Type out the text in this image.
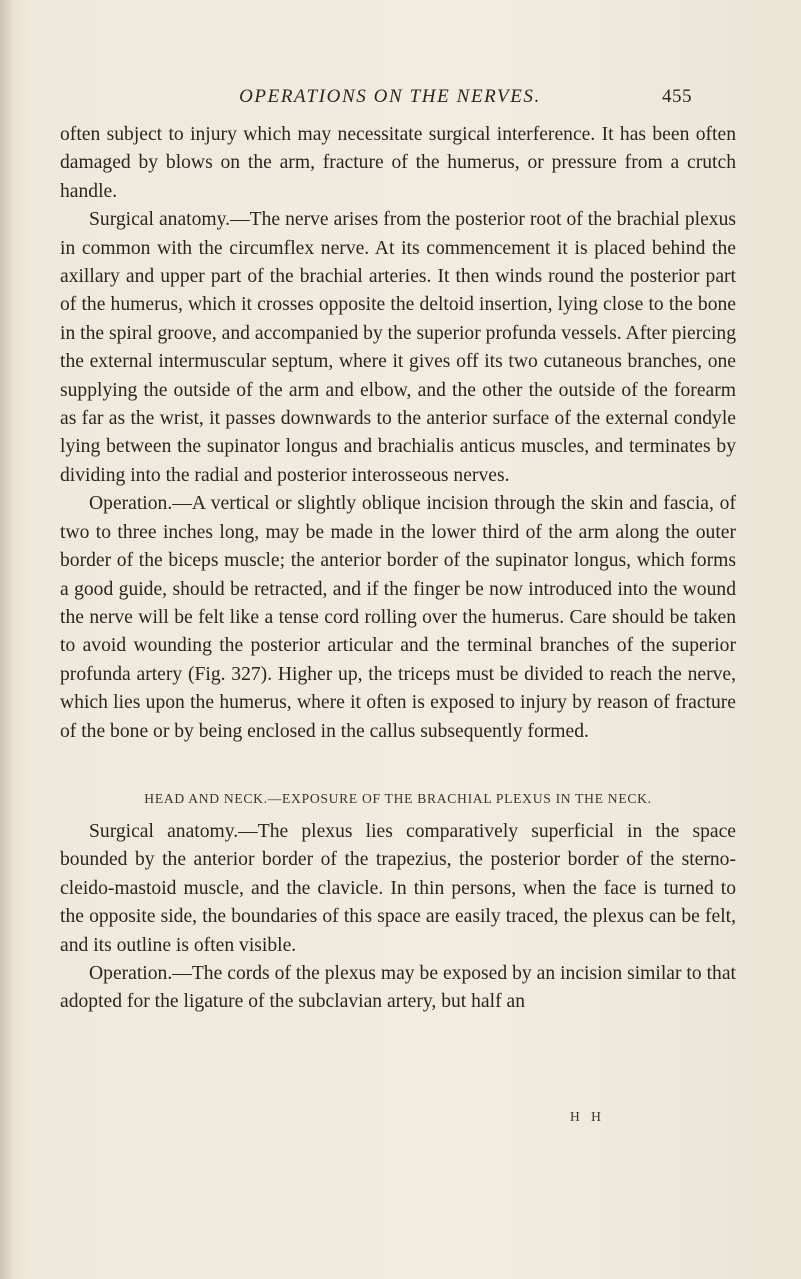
OPERATIONS ON THE NERVES.	455

often subject to injury which may necessitate surgical interference. It has been often damaged by blows on the arm, fracture of the humerus, or pressure from a crutch handle.

Surgical anatomy.—The nerve arises from the posterior root of the brachial plexus in common with the circumflex nerve. At its commencement it is placed behind the axillary and upper part of the brachial arteries. It then winds round the posterior part of the humerus, which it crosses opposite the deltoid insertion, lying close to the bone in the spiral groove, and accompanied by the superior profunda vessels. After piercing the external intermuscular septum, where it gives off its two cutaneous branches, one supplying the outside of the arm and elbow, and the other the outside of the forearm as far as the wrist, it passes downwards to the anterior surface of the external condyle lying between the supinator longus and brachialis anticus muscles, and terminates by dividing into the radial and posterior interosseous nerves.

Operation.—A vertical or slightly oblique incision through the skin and fascia, of two to three inches long, may be made in the lower third of the arm along the outer border of the biceps muscle; the anterior border of the supinator longus, which forms a good guide, should be retracted, and if the finger be now introduced into the wound the nerve will be felt like a tense cord rolling over the humerus. Care should be taken to avoid wounding the posterior articular and the terminal branches of the superior profunda artery (Fig. 327). Higher up, the triceps must be divided to reach the nerve, which lies upon the humerus, where it often is exposed to injury by reason of fracture of the bone or by being enclosed in the callus subsequently formed.

HEAD AND NECK.—EXPOSURE OF THE BRACHIAL PLEXUS IN THE NECK.

Surgical anatomy.—The plexus lies comparatively superficial in the space bounded by the anterior border of the trapezius, the posterior border of the sterno-cleido-mastoid muscle, and the clavicle. In thin persons, when the face is turned to the opposite side, the boundaries of this space are easily traced, the plexus can be felt, and its outline is often visible.

Operation.—The cords of the plexus may be exposed by an incision similar to that adopted for the ligature of the subclavian artery, but half an

H H
